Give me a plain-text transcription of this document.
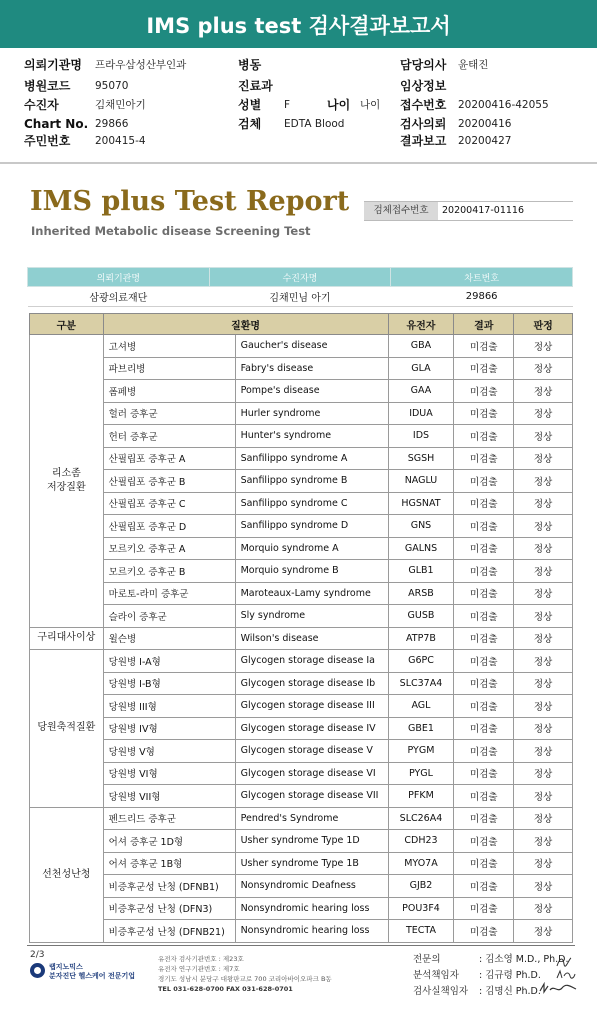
IMS plus test 검사결과보고서
의뢰기관명 프라우삼성산부인과
병원코드 95070
수진자	김채민아기
Chart No. 29866
주민번호 200415-4
병동
진료과
성별 F	나이 나이
검체 EDTA Blood
담당의사 윤태진
임상정보
접수번호 20200416-42055
검사의뢰 20200416
결과보고 20200427
IMS plus Test Report
Inherited Metabolic disease Screening Test
검체접수번호	20200417-01116
의뢰기관명	수진자명	차트번호
삼광의료재단	김채민님 아기	29866
구분	질환명		유전자	결과	판정
리소좀
저장질환	고셔병	Gaucher's disease	GBA	미검출	정상
	파브리병	Fabry's disease	GLA	미검출	정상
	폼페병	Pompe's disease	GAA	미검출	정상
	헐러 증후군	Hurler syndrome	IDUA	미검출	정상
	헌터 증후군	Hunter's syndrome	IDS	미검출	정상
	산필립포 증후군 A	Sanfilippo syndrome A	SGSH	미검출	정상
	산필립포 증후군 B	Sanfilippo syndrome B	NAGLU	미검출	정상
	산필립포 증후군 C	Sanfilippo syndrome C	HGSNAT	미검출	정상
	산필립포 증후군 D	Sanfilippo syndrome D	GNS	미검출	정상
	모르키오 증후군 A	Morquio syndrome A	GALNS	미검출	정상
	모르키오 증후군 B	Morquio syndrome B	GLB1	미검출	정상
	마로토-라미 증후군	Maroteaux-Lamy syndrome	ARSB	미검출	정상
	슬라이 증후군	Sly syndrome	GUSB	미검출	정상
구리대사이상	윌슨병	Wilson's disease	ATP7B	미검출	정상
당원축적질환	당원병 I-A형	Glycogen storage disease Ia	G6PC	미검출	정상
	당원병 I-B형	Glycogen storage disease Ib	SLC37A4	미검출	정상
	당원병 III형	Glycogen storage disease III	AGL	미검출	정상
	당원병 IV형	Glycogen storage disease IV	GBE1	미검출	정상
	당원병 V형	Glycogen storage disease V	PYGM	미검출	정상
	당원병 VI형	Glycogen storage disease VI	PYGL	미검출	정상
	당원병 VII형	Glycogen storage disease VII	PFKM	미검출	정상
선천성난청	펜드리드 증후군	Pendred's Syndrome	SLC26A4	미검출	정상
	어셔 증후군 1D형	Usher syndrome Type 1D	CDH23	미검출	정상
	어셔 증후군 1B형	Usher syndrome Type 1B	MYO7A	미검출	정상
	비증후군성 난청 (DFNB1)	Nonsyndromic Deafness	GJB2	미검출	정상
	비증후군성 난청 (DFN3)	Nonsyndromic hearing loss	POU3F4	미검출	정상
	비증후군성 난청 (DFNB21)	Nonsyndromic hearing loss	TECTA	미검출	정상
2/3
랩지노믹스
분자진단 헬스케어 전문기업
유전자 검사기관번호 : 제23호
유전자 연구기관번호 : 제7호
경기도 성남시 분당구 대왕판교로 700 코리아바이오파크 B동
TEL 031-628-0700 FAX 031-628-0701
전문의	: 김소영 M.D., Ph.D.
분석책임자 : 김규령 Ph.D.
검사실책임자 : 김명신 Ph.D.
